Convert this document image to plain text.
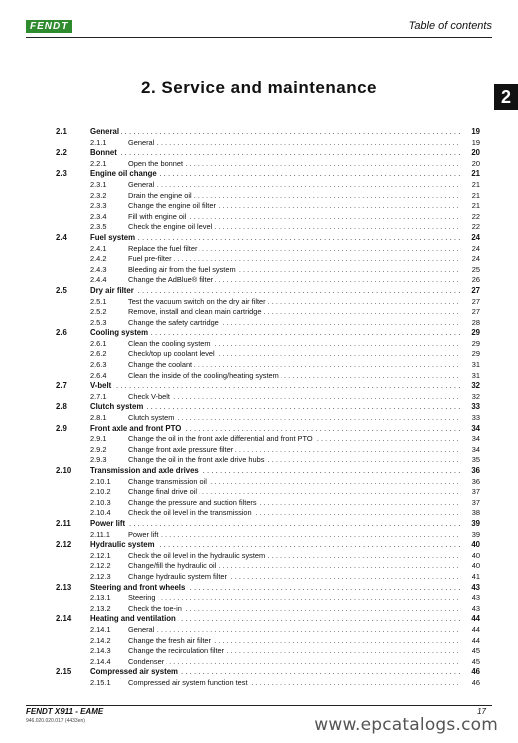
FENDT	Table of contents
2
2. Service and maintenance
2.1	General . . .	19
2.1.1	General . . .	19
2.2	Bonnet . . .	20
2.2.1	Open the bonnet . . .	20
2.3	Engine oil change . . .	21
2.3.1	General . . .	21
2.3.2	Drain the engine oil . . .	21
2.3.3	Change the engine oil filter . . .	21
2.3.4	Fill with engine oil . . .	22
2.3.5	Check the engine oil level . . .	22
2.4	Fuel system . . .	24
2.4.1	Replace the fuel filter . . .	24
2.4.2	Fuel pre-filter . . .	24
2.4.3	Bleeding air from the fuel system . . .	25
2.4.4	Change the AdBlue® filter . . .	26
2.5	Dry air filter . . .	27
2.5.1	Test the vacuum switch on the dry air filter . . .	27
2.5.2	Remove, install and clean main cartridge . . .	27
2.5.3	Change the safety cartridge . . .	28
2.6	Cooling system . . .	29
2.6.1	Clean the cooling system . . .	29
2.6.2	Check/top up coolant level . . .	29
2.6.3	Change the coolant . . .	31
2.6.4	Clean the inside of the cooling/heating system . . .	31
2.7	V-belt . . .	32
2.7.1	Check V-belt . . .	32
2.8	Clutch system . . .	33
2.8.1	Clutch system . . .	33
2.9	Front axle and front PTO . . .	34
2.9.1	Change the oil in the front axle differential and front PTO . . .	34
2.9.2	Change front axle pressure filter . . .	34
2.9.3	Change the oil in the front axle drive hubs . . .	35
2.10 Transmission and axle drives . . .	36
2.10.1 Change transmission oil . . .	36
2.10.2 Change final drive oil . . .	37
2.10.3 Change the pressure and suction filters . . .	37
2.10.4 Check the oil level in the transmission . . .	38
2.11 Power lift . . .	39
2.11.1 Power lift . . .	39
2.12 Hydraulic system . . .	40
2.12.1 Check the oil level in the hydraulic system . . .	40
2.12.2 Change/fill the hydraulic oil . . .	40
2.12.3 Change hydraulic system filter . . .	41
2.13 Steering and front wheels . . .	43
2.13.1 Steering . . .	43
2.13.2 Check the toe-in . . .	43
2.14 Heating and ventilation . . .	44
2.14.1 General . . .	44
2.14.2 Change the fresh air filter . . .	44
2.14.3 Change the recirculation filter . . .	45
2.14.4 Condenser . . .	45
2.15 Compressed air system . . .	46
2.15.1 Compressed air system function test . . .	46
FENDT X911 - EAME
946.020.020.017 (4433en)
17
www.epcatalogs.com
